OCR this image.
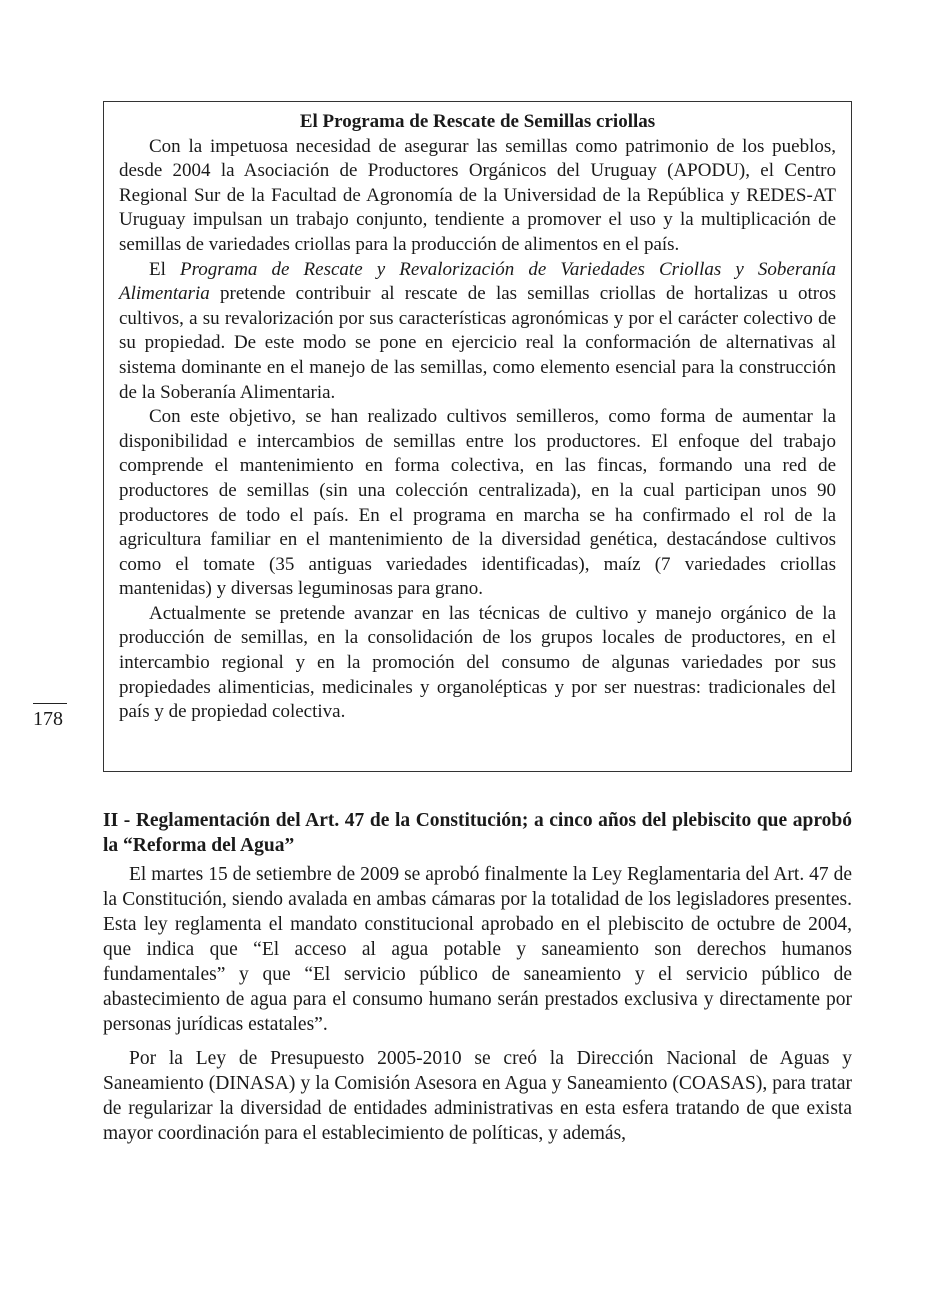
178
El Programa de Rescate de Semillas criollas

Con la impetuosa necesidad de asegurar las semillas como patrimonio de los pueblos, desde 2004 la Asociación de Productores Orgánicos del Uruguay (APODU), el Centro Regional Sur de la Facultad de Agronomía de la Universidad de la República y REDES-AT Uruguay impulsan un trabajo conjunto, tendiente a promover el uso y la multiplicación de semillas de variedades criollas para la producción de alimentos en el país.

El Programa de Rescate y Revalorización de Variedades Criollas y Soberanía Alimentaria pretende contribuir al rescate de las semillas criollas de hortalizas u otros cultivos, a su revalorización por sus características agronómicas y por el carácter colectivo de su propiedad. De este modo se pone en ejercicio real la conformación de alternativas al sistema dominante en el manejo de las semillas, como elemento esencial para la construcción de la Soberanía Alimentaria.

Con este objetivo, se han realizado cultivos semilleros, como forma de aumentar la disponibilidad e intercambios de semillas entre los productores. El enfoque del trabajo comprende el mantenimiento en forma colectiva, en las fincas, formando una red de productores de semillas (sin una colección centralizada), en la cual participan unos 90 productores de todo el país. En el programa en marcha se ha confirmado el rol de la agricultura familiar en el mantenimiento de la diversidad genética, destacándose cultivos como el tomate (35 antiguas variedades identificadas), maíz (7 variedades criollas mantenidas) y diversas leguminosas para grano.

Actualmente se pretende avanzar en las técnicas de cultivo y manejo orgánico de la producción de semillas, en la consolidación de los grupos locales de productores, en el intercambio regional y en la promoción del consumo de algunas variedades por sus propiedades alimenticias, medicinales y organolépticas y por ser nuestras: tradicionales del país y de propiedad colectiva.

II - Reglamentación del Art. 47 de la Constitución; a cinco años del plebiscito que aprobó la “Reforma del Agua”

El martes 15 de setiembre de 2009 se aprobó finalmente la Ley Reglamentaria del Art. 47 de la Constitución, siendo avalada en ambas cámaras por la totalidad de los legisladores presentes. Esta ley reglamenta el mandato constitucional aprobado en el plebiscito de octubre de 2004, que indica que “El acceso al agua potable y saneamiento son derechos humanos fundamentales” y que “El servicio público de saneamiento y el servicio público de abastecimiento de agua para el consumo humano serán prestados exclusiva y directamente por personas jurídicas estatales”.

Por la Ley de Presupuesto 2005-2010 se creó la Dirección Nacional de Aguas y Saneamiento (DINASA) y la Comisión Asesora en Agua y Saneamiento (COASAS), para tratar de regularizar la diversidad de entidades administrativas en esta esfera tratando de que exista mayor coordinación para el establecimiento de políticas, y además,
